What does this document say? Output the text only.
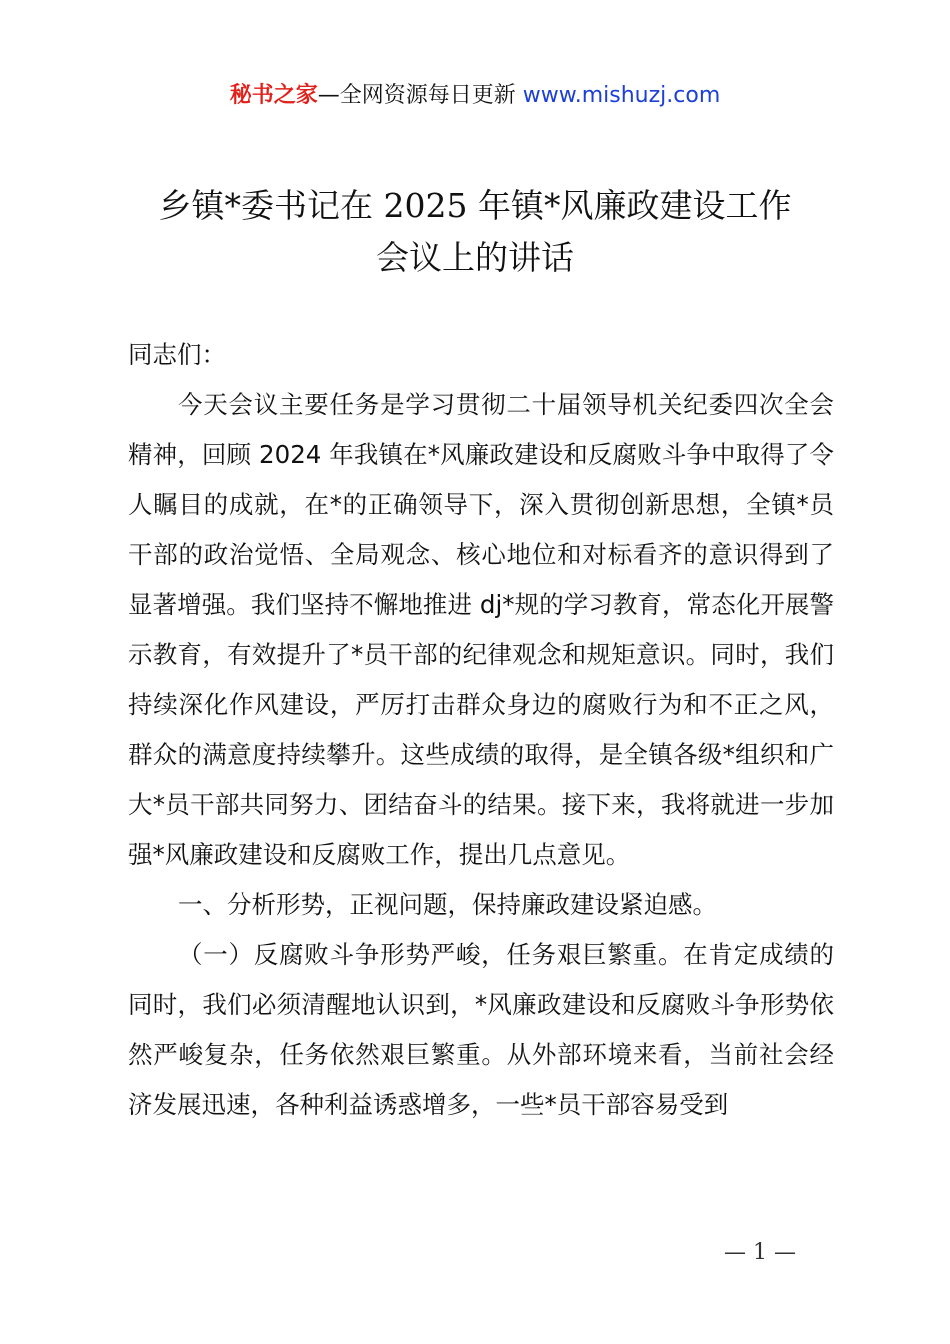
秘书之家—全网资源每日更新 www.mishuzj.com
乡镇*委书记在 2025 年镇*风廉政建设工作
会议上的讲话

同志们：

今天会议主要任务是学习贯彻二十届领导机关纪委四次全会精神，回顾 2024 年我镇在*风廉政建设和反腐败斗争中取得了令人瞩目的成就，在*的正确领导下，深入贯彻创新思想，全镇*员干部的政治觉悟、全局观念、核心地位和对标看齐的意识得到了显著增强。我们坚持不懈地推进 dj*规的学习教育，常态化开展警示教育，有效提升了*员干部的纪律观念和规矩意识。同时，我们持续深化作风建设，严厉打击群众身边的腐败行为和不正之风，群众的满意度持续攀升。这些成绩的取得，是全镇各级*组织和广大*员干部共同努力、团结奋斗的结果。接下来，我将就进一步加强*风廉政建设和反腐败工作，提出几点意见。

一、分析形势，正视问题，保持廉政建设紧迫感。

（一）反腐败斗争形势严峻，任务艰巨繁重。在肯定成绩的同时，我们必须清醒地认识到，*风廉政建设和反腐败斗争形势依然严峻复杂，任务依然艰巨繁重。从外部环境来看，当前社会经济发展迅速，各种利益诱惑增多，一些*员干部容易受到

— 1 —
